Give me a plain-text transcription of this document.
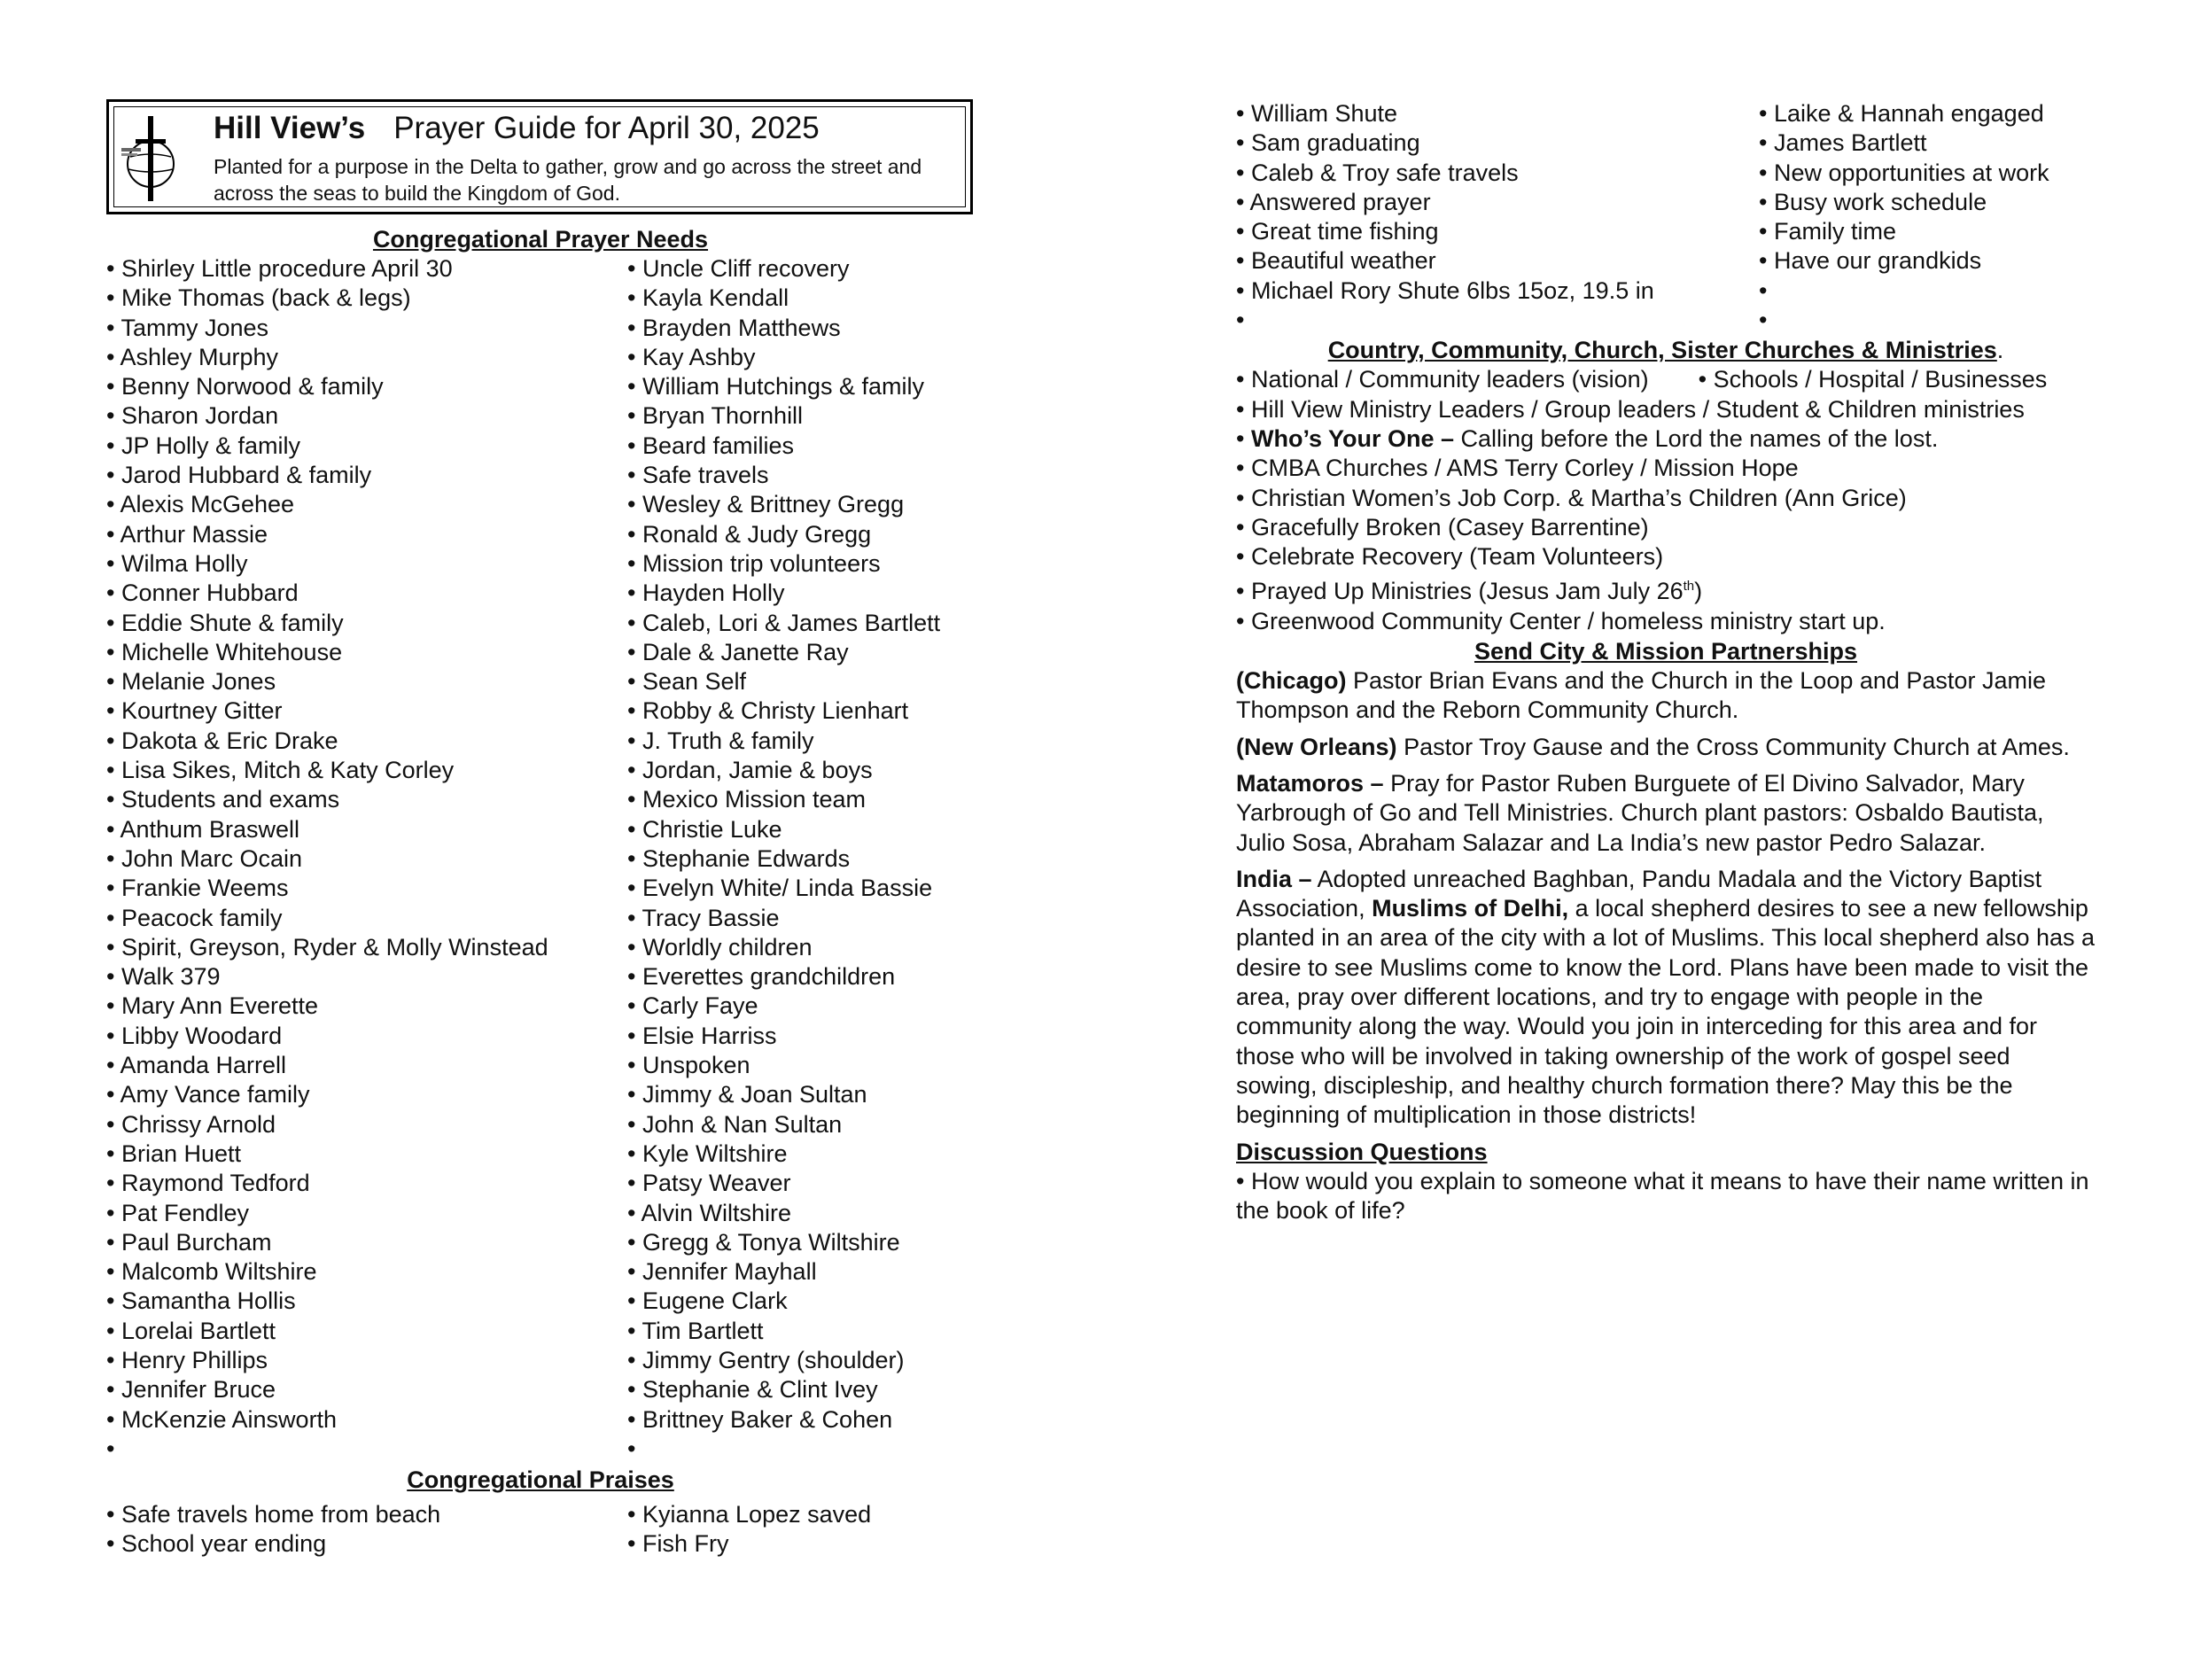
Hill View’s Prayer Guide for April 30, 2025
Planted for a purpose in the Delta to gather, grow and go across the street and across the seas to build the Kingdom of God.
Congregational Prayer Needs
• Shirley Little procedure April 30
• Mike Thomas (back & legs)
• Tammy Jones
• Ashley Murphy
• Benny Norwood & family
• Sharon Jordan
• JP Holly & family
• Jarod Hubbard & family
• Alexis McGehee
• Arthur Massie
• Wilma Holly
• Conner Hubbard
• Eddie Shute & family
• Michelle Whitehouse
• Melanie Jones
• Kourtney Gitter
• Dakota & Eric Drake
• Lisa Sikes, Mitch & Katy Corley
• Students and exams
• Anthum Braswell
• John Marc Ocain
• Frankie Weems
• Peacock family
• Spirit, Greyson, Ryder & Molly Winstead
• Walk 379
• Mary Ann Everette
• Libby Woodard
• Amanda Harrell
• Amy Vance family
• Chrissy Arnold
• Brian Huett
• Raymond Tedford
• Pat Fendley
• Paul Burcham
• Malcomb Wiltshire
• Samantha Hollis
• Lorelai Bartlett
• Henry Phillips
• Jennifer Bruce
• McKenzie Ainsworth
•
• Uncle Cliff recovery
• Kayla Kendall
• Brayden Matthews
• Kay Ashby
• William Hutchings & family
• Bryan Thornhill
• Beard families
• Safe travels
• Wesley & Brittney Gregg
• Ronald & Judy Gregg
• Mission trip volunteers
• Hayden Holly
• Caleb, Lori & James Bartlett
• Dale & Janette Ray
• Sean Self
• Robby & Christy Lienhart
• J. Truth & family
• Jordan, Jamie & boys
• Mexico Mission team
• Christie Luke
• Stephanie Edwards
• Evelyn White/ Linda Bassie
• Tracy Bassie
• Worldly children
• Everettes grandchildren
• Carly Faye
• Elsie Harriss
• Unspoken
• Jimmy & Joan Sultan
• John & Nan Sultan
• Kyle Wiltshire
• Patsy Weaver
• Alvin Wiltshire
• Gregg & Tonya Wiltshire
• Jennifer Mayhall
• Eugene Clark
• Tim Bartlett
• Jimmy Gentry (shoulder)
• Stephanie & Clint Ivey
• Brittney Baker & Cohen
•
Congregational Praises
• Safe travels home from beach
• School year ending
• Kyianna Lopez saved
• Fish Fry
• William Shute
• Sam graduating
• Caleb & Troy safe travels
• Answered prayer
• Great time fishing
• Beautiful weather
• Michael Rory Shute 6lbs 15oz, 19.5 in
•
• Laike & Hannah engaged
• James Bartlett
• New opportunities at work
• Busy work schedule
• Family time
• Have our grandkids
•
•
Country, Community, Church, Sister Churches & Ministries.
• National / Community leaders (vision)•	Schools / Hospital / Businesses
• Hill View Ministry Leaders / Group leaders / Student & Children ministries
• Who’s Your One – Calling before the Lord the names of the lost.
• CMBA Churches / AMS Terry Corley / Mission Hope
• Christian Women’s Job Corp. & Martha’s Children (Ann Grice)
• Gracefully Broken (Casey Barrentine)
• Celebrate Recovery (Team Volunteers)
• Prayed Up Ministries (Jesus Jam July 26th)
• Greenwood Community Center / homeless ministry start up.
Send City & Mission Partnerships

(Chicago) Pastor Brian Evans and the Church in the Loop and Pastor Jamie Thompson and the Reborn Community Church.

(New Orleans) Pastor Troy Gause and the Cross Community Church at Ames.

Matamoros – Pray for Pastor Ruben Burguete of El Divino Salvador, Mary Yarbrough of Go and Tell Ministries. Church plant pastors: Osbaldo Bautista, Julio Sosa, Abraham Salazar and La India’s new pastor Pedro Salazar.

India – Adopted unreached Baghban, Pandu Madala and the Victory Baptist Association, Muslims of Delhi, a local shepherd desires to see a new fellowship planted in an area of the city with a lot of Muslims. This local shepherd also has a desire to see Muslims come to know the Lord. Plans have been made to visit the area, pray over different locations, and try to engage with people in the community along the way. Would you join in interceding for this area and for those who will be involved in taking ownership of the work of gospel seed sowing, discipleship, and healthy church formation there? May this be the beginning of multiplication in those districts!

Discussion Questions

• How would you explain to someone what it means to have their name written in the book of life?
